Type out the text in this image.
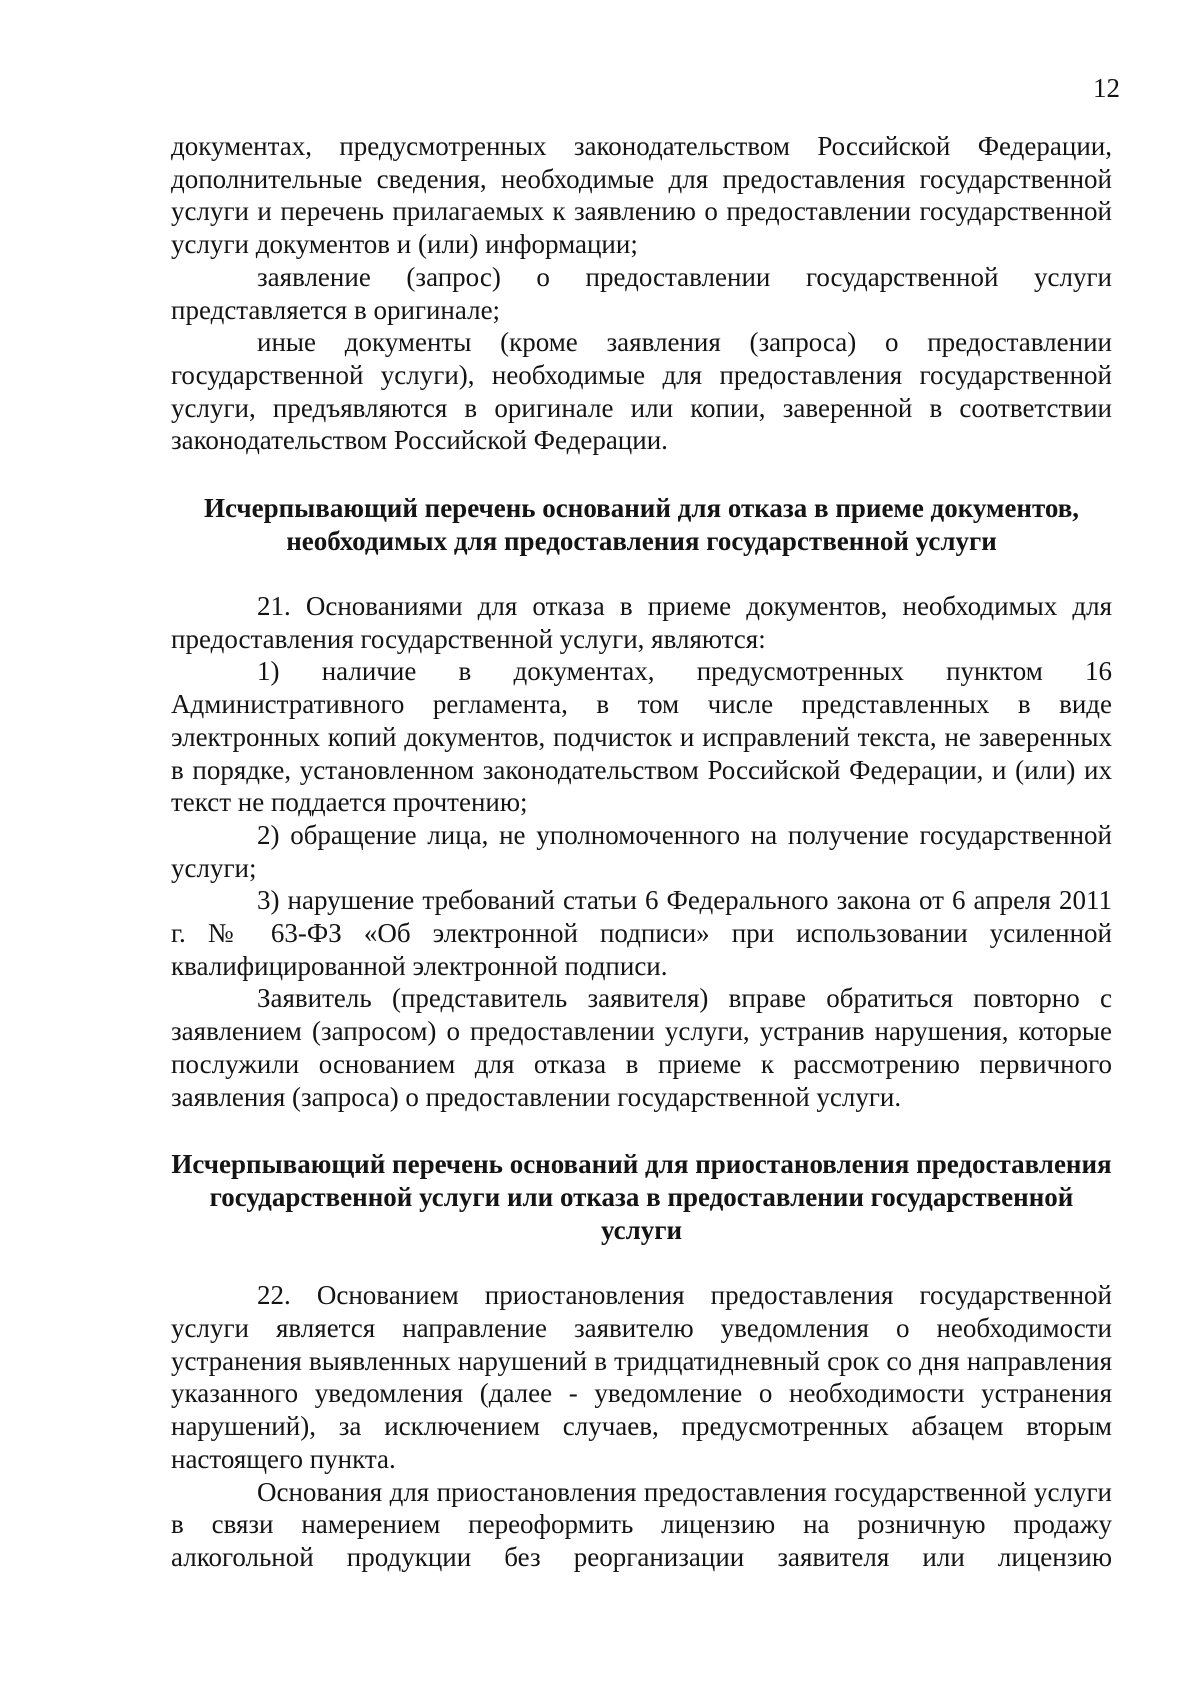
12

документах, предусмотренных законодательством Российской Федерации, дополнительные сведения, необходимые для предоставления государственной услуги и перечень прилагаемых к заявлению о предоставлении государственной услуги документов и (или) информации;

заявление (запрос) о предоставлении государственной услуги представляется в оригинале;

иные документы (кроме заявления (запроса) о предоставлении государственной услуги), необходимые для предоставления государственной услуги, предъявляются в оригинале или копии, заверенной в соответствии законодательством Российской Федерации.

Исчерпывающий перечень оснований для отказа в приеме документов, необходимых для предоставления государственной услуги

21. Основаниями для отказа в приеме документов, необходимых для предоставления государственной услуги, являются:

1) наличие в документах, предусмотренных пунктом 16 Административного регламента, в том числе представленных в виде электронных копий документов, подчисток и исправлений текста, не заверенных в порядке, установленном законодательством Российской Федерации, и (или) их текст не поддается прочтению;

2) обращение лица, не уполномоченного на получение государственной услуги;

3) нарушение требований статьи 6 Федерального закона от 6 апреля 2011 г. № 63-ФЗ «Об электронной подписи» при использовании усиленной квалифицированной электронной подписи.

Заявитель (представитель заявителя) вправе обратиться повторно с заявлением (запросом) о предоставлении услуги, устранив нарушения, которые послужили основанием для отказа в приеме к рассмотрению первичного заявления (запроса) о предоставлении государственной услуги.

Исчерпывающий перечень оснований для приостановления предоставления государственной услуги или отказа в предоставлении государственной услуги

22. Основанием приостановления предоставления государственной услуги является направление заявителю уведомления о необходимости устранения выявленных нарушений в тридцатидневный срок со дня направления указанного уведомления (далее - уведомление о необходимости устранения нарушений), за исключением случаев, предусмотренных абзацем вторым настоящего пункта.

Основания для приостановления предоставления государственной услуги в связи намерением переоформить лицензию на розничную продажу алкогольной продукции без реорганизации заявителя или лицензию
